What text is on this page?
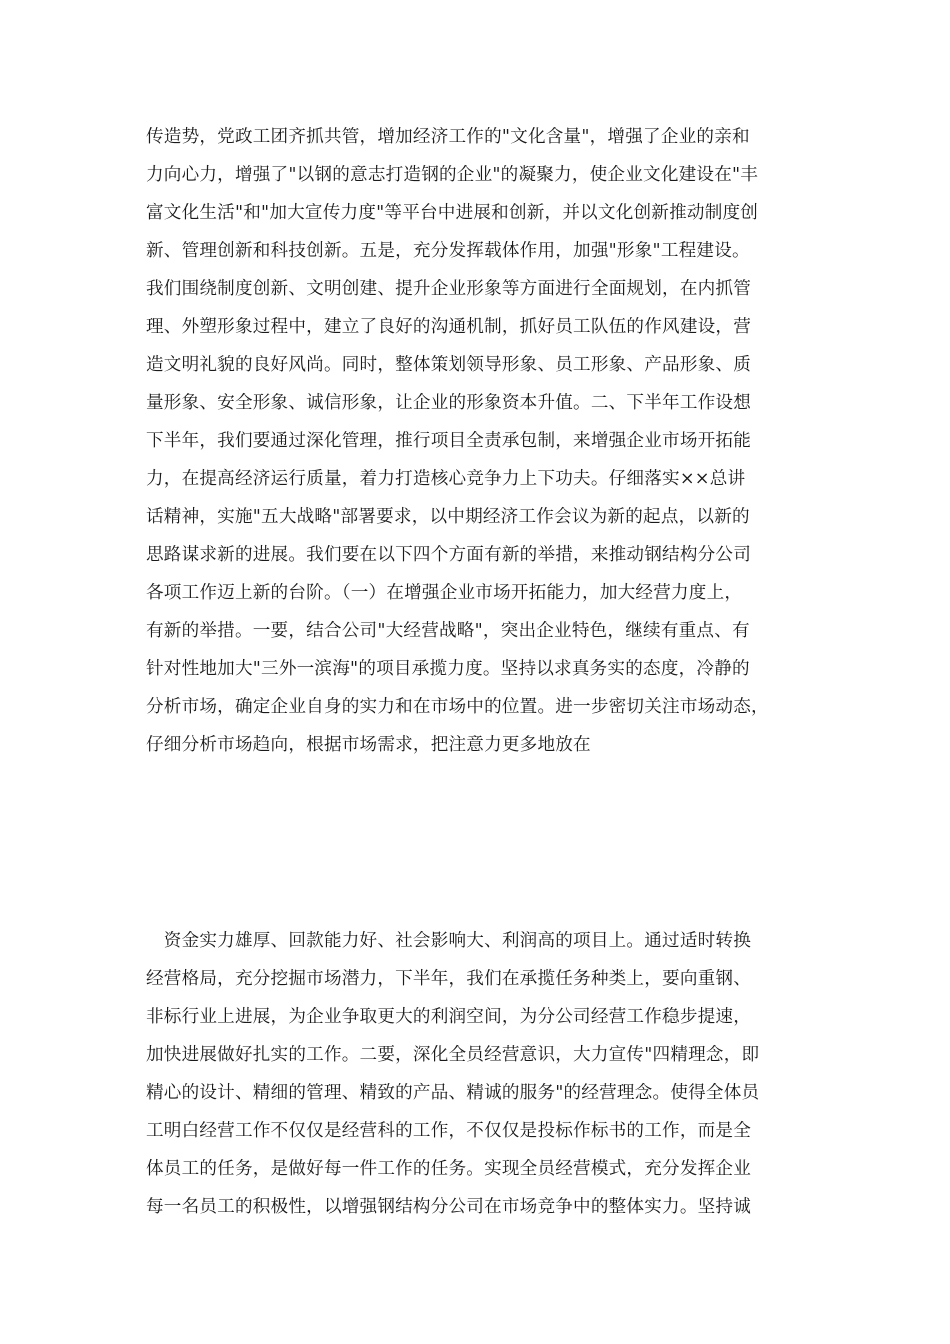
传造势，党政工团齐抓共管，增加经济工作的"文化含量"，增强了企业的亲和
力向心力，增强了"以钢的意志打造钢的企业"的凝聚力，使企业文化建设在"丰
富文化生活"和"加大宣传力度"等平台中进展和创新，并以文化创新推动制度创
新、管理创新和科技创新。五是，充分发挥载体作用，加强"形象"工程建设。
我们围绕制度创新、文明创建、提升企业形象等方面进行全面规划，在内抓管
理、外塑形象过程中，建立了良好的沟通机制，抓好员工队伍的作风建设，营
造文明礼貌的良好风尚。同时，整体策划领导形象、员工形象、产品形象、质
量形象、安全形象、诚信形象，让企业的形象资本升值。二、下半年工作设想
下半年，我们要通过深化管理，推行项目全责承包制，来增强企业市场开拓能
力，在提高经济运行质量，着力打造核心竞争力上下功夫。仔细落实××总讲
话精神，实施"五大战略"部署要求，以中期经济工作会议为新的起点，以新的
思路谋求新的进展。我们要在以下四个方面有新的举措，来推动钢结构分公司
各项工作迈上新的台阶。（一）在增强企业市场开拓能力，加大经营力度上，
有新的举措。一要，结合公司"大经营战略"，突出企业特色，继续有重点、有
针对性地加大"三外一滨海"的项目承揽力度。坚持以求真务实的态度，冷静的
分析市场，确定企业自身的实力和在市场中的位置。进一步密切关注市场动态，
仔细分析市场趋向，根据市场需求，把注意力更多地放在
　资金实力雄厚、回款能力好、社会影响大、利润高的项目上。通过适时转换
经营格局，充分挖掘市场潜力，下半年，我们在承揽任务种类上，要向重钢、
非标行业上进展，为企业争取更大的利润空间，为分公司经营工作稳步提速，
加快进展做好扎实的工作。二要，深化全员经营意识，大力宣传"四精理念，即
精心的设计、精细的管理、精致的产品、精诚的服务"的经营理念。使得全体员
工明白经营工作不仅仅是经营科的工作，不仅仅是投标作标书的工作，而是全
体员工的任务，是做好每一件工作的任务。实现全员经营模式，充分发挥企业
每一名员工的积极性，以增强钢结构分公司在市场竞争中的整体实力。坚持诚
